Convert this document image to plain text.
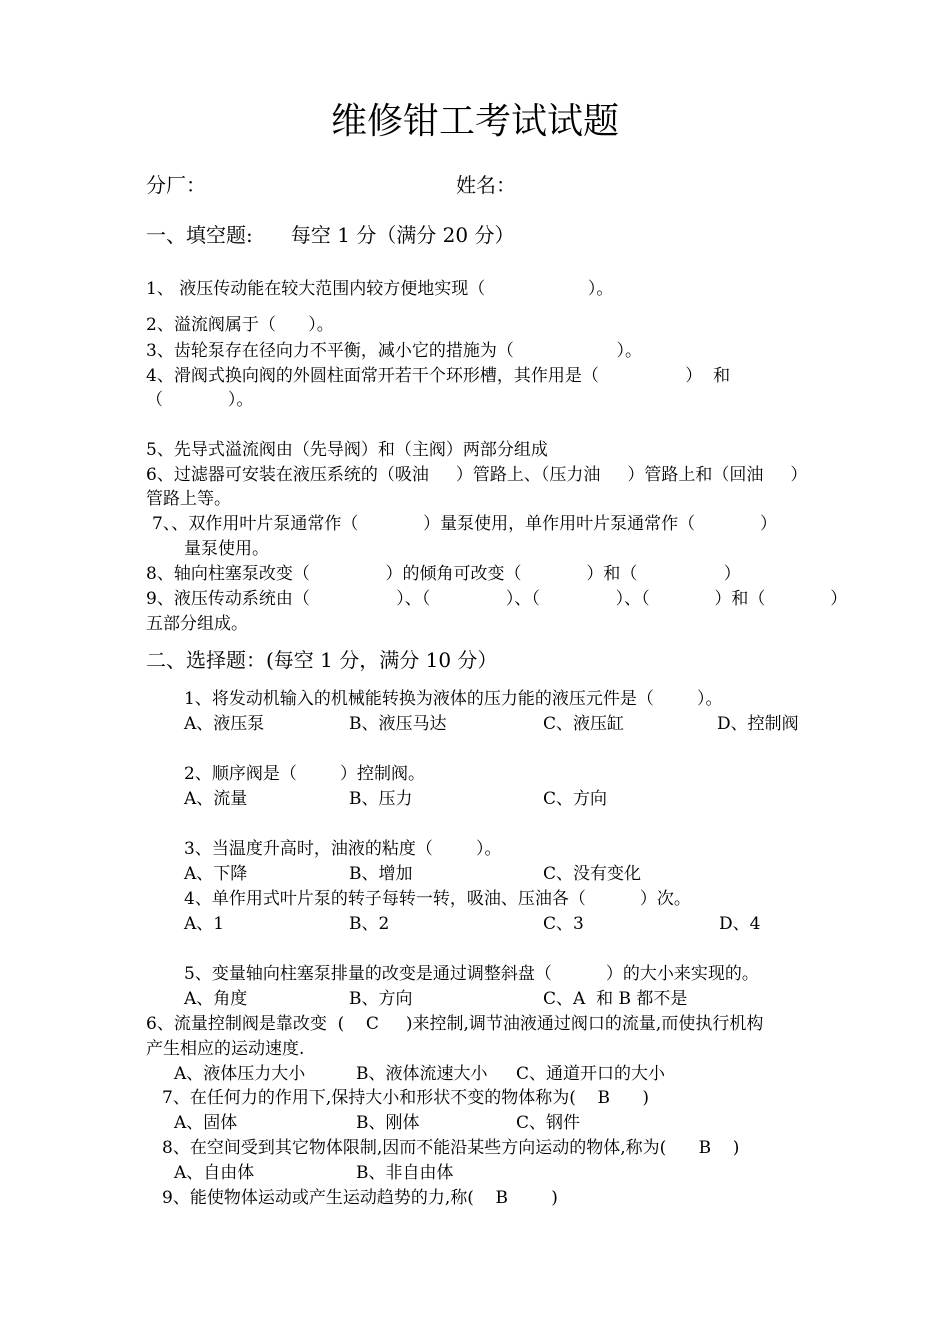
维修钳工考试试题
分厂：	姓名：
一、填空题:      每空 1 分（满分 20 分）
1、 液压传动能在较大范围内较方便地实现（                   ）。
2、溢流阀属于（      ）。
3、齿轮泵存在径向力不平衡，减小它的措施为（                   ）。
4、滑阀式换向阀的外圆柱面常开若干个环形槽，其作用是（                ）  和
（            ）。
5、先导式溢流阀由（先导阀）和（主阀）两部分组成
6、过滤器可安装在液压系统的（吸油     ）管路上、（压力油     ）管路上和（回油     ）
管路上等。
7、、双作用叶片泵通常作（            ）量泵使用，单作用叶片泵通常作（            ）
量泵使用。
8、轴向柱塞泵改变（              ）的倾角可改变（            ）和（                ）
9、液压传动系统由（                ）、（              ）、（              ）、（            ）和（            ）
五部分组成。
二、选择题：(每空 1 分，满分 10 分）
1、将发动机输入的机械能转换为液体的压力能的液压元件是（        ）。
A、液压泵	B、液压马达	C、液压缸	D、控制阀
2、顺序阀是（        ）控制阀。
A、流量	B、压力	C、方向
3、当温度升高时，油液的粘度（        ）。
A、下降	B、增加	C、没有变化
4、单作用式叶片泵的转子每转一转，吸油、压油各（          ）次。
A、1	B、2	C、3	D、4
5、变量轴向柱塞泵排量的改变是通过调整斜盘（          ）的大小来实现的。
A、角度	B、方向	C、A  和 B 都不是
6、流量控制阀是靠改变  (    C     )来控制,调节油液通过阀口的流量,而使执行机构
产生相应的运动速度.
A、液体压力大小	B、液体流速大小 C、通道开口的大小
7、在任何力的作用下,保持大小和形状不变的物体称为(    B      )
A、固体	B、刚体	C、钢件
8、在空间受到其它物体限制,因而不能沿某些方向运动的物体,称为(      B    )
A、自由体	B、非自由体
9、能使物体运动或产生运动趋势的力,称(    B        )
